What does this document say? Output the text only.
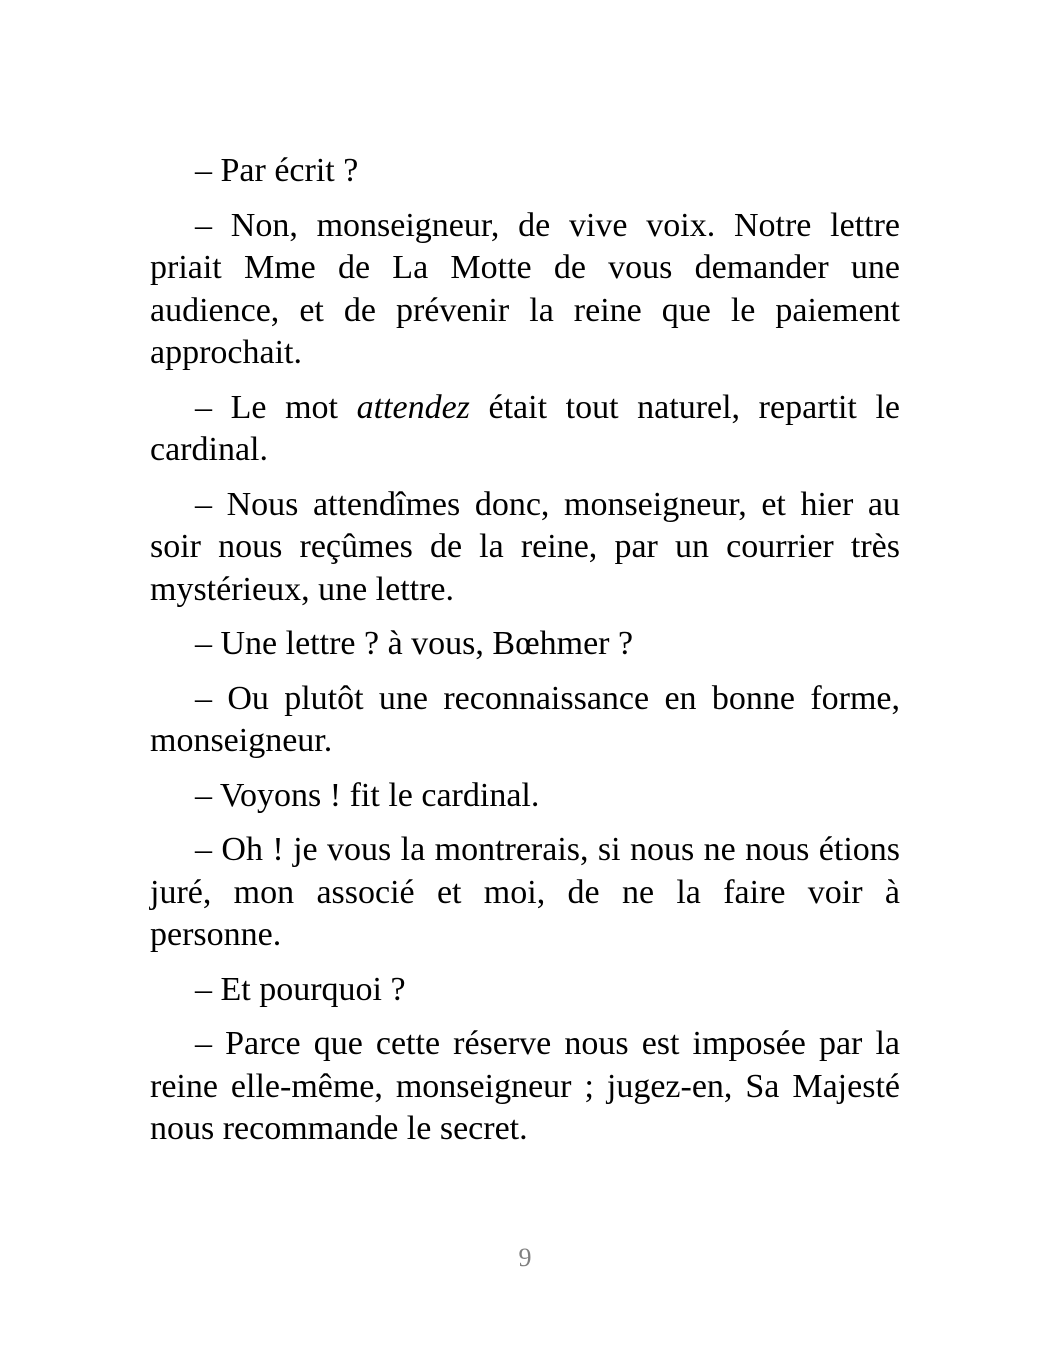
– Par écrit ?

– Non, monseigneur, de vive voix. Notre lettre priait Mme de La Motte de vous demander une audience, et de prévenir la reine que le paiement approchait.

– Le mot attendez était tout naturel, repartit le cardinal.

– Nous attendîmes donc, monseigneur, et hier au soir nous reçûmes de la reine, par un courrier très mystérieux, une lettre.

– Une lettre ? à vous, Bœhmer ?

– Ou plutôt une reconnaissance en bonne forme, monseigneur.

– Voyons ! fit le cardinal.

– Oh ! je vous la montrerais, si nous ne nous étions juré, mon associé et moi, de ne la faire voir à personne.

– Et pourquoi ?

– Parce que cette réserve nous est imposée par la reine elle-même, monseigneur ; jugez-en, Sa Majesté nous recommande le secret.

9
